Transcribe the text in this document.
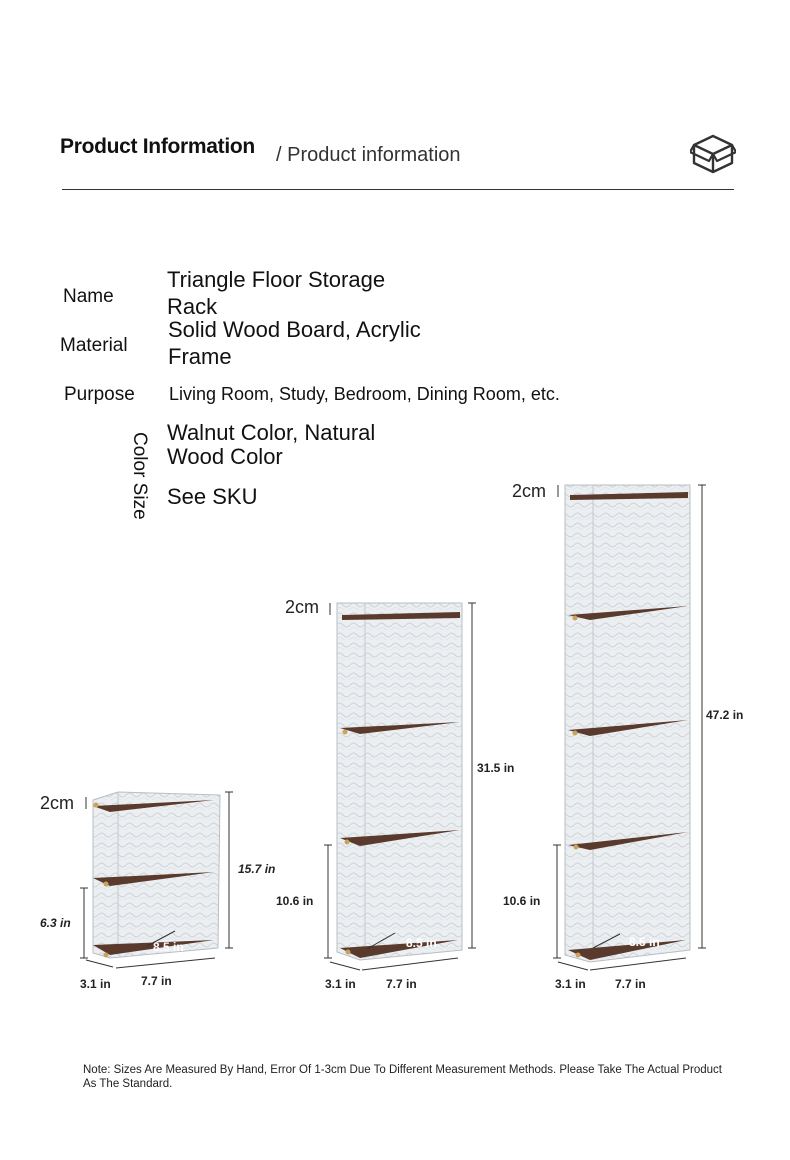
Product Information / Product information
Name
Triangle Floor Storage
Rack
Material
Solid Wood Board, Acrylic
Frame
Purpose Living Room, Study, Bedroom, Dining Room, etc.
Color Size Walnut Color, Natural
Wood Color
See SKU
2cm
15.7 in
6.3 in
3.1 in	7.7 in
8.5 in
2cm
31.5 in
10.6 in
3.1 in	7.7 in
8.5 in
2cm
47.2 in
10.6 in
3.1 in 7.7 in
8.5 in
Note: Sizes Are Measured By Hand, Error Of 1-3cm Due To Different Measurement Methods. Please Take The Actual Product As The Standard.
